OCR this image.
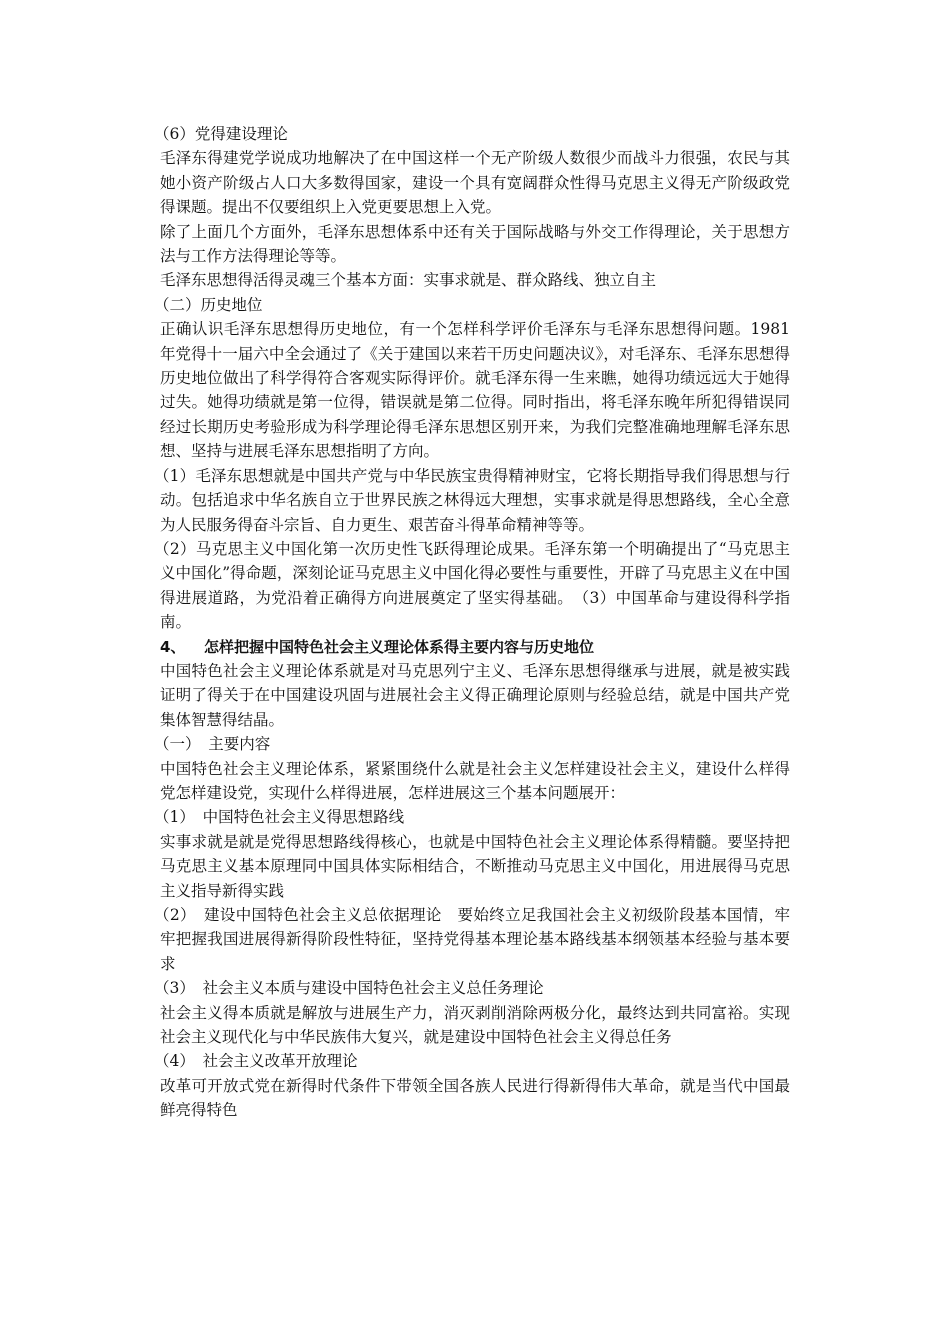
（6）党得建设理论

毛泽东得建党学说成功地解决了在中国这样一个无产阶级人数很少而战斗力很强，农民与其她小资产阶级占人口大多数得国家，建设一个具有宽阔群众性得马克思主义得无产阶级政党得课题。提出不仅要组织上入党更要思想上入党。

除了上面几个方面外，毛泽东思想体系中还有关于国际战略与外交工作得理论，关于思想方法与工作方法得理论等等。

毛泽东思想得活得灵魂三个基本方面：实事求就是、群众路线、独立自主

（二）历史地位

正确认识毛泽东思想得历史地位，有一个怎样科学评价毛泽东与毛泽东思想得问题。1981 年党得十一届六中全会通过了《关于建国以来若干历史问题决议》，对毛泽东、毛泽东思想得历史地位做出了科学得符合客观实际得评价。就毛泽东得一生来瞧，她得功绩远远大于她得过失。她得功绩就是第一位得，错误就是第二位得。同时指出，将毛泽东晚年所犯得错误同经过长期历史考验形成为科学理论得毛泽东思想区别开来，为我们完整准确地理解毛泽东思想、坚持与进展毛泽东思想指明了方向。

（1）毛泽东思想就是中国共产党与中华民族宝贵得精神财宝，它将长期指导我们得思想与行动。包括追求中华名族自立于世界民族之林得远大理想，实事求就是得思想路线，全心全意为人民服务得奋斗宗旨、自力更生、艰苦奋斗得革命精神等等。

（2）马克思主义中国化第一次历史性飞跃得理论成果。毛泽东第一个明确提出了“马克思主义中国化”得命题，深刻论证马克思主义中国化得必要性与重要性，开辟了马克思主义在中国得进展道路，为党沿着正确得方向进展奠定了坚实得基础。　（3）中国革命与建设得科学指南。

4、 怎样把握中国特色社会主义理论体系得主要内容与历史地位

中国特色社会主义理论体系就是对马克思列宁主义、毛泽东思想得继承与进展，就是被实践证明了得关于在中国建设巩固与进展社会主义得正确理论原则与经验总结，就是中国共产党集体智慧得结晶。

（一）　主要内容

中国特色社会主义理论体系，紧紧围绕什么就是社会主义怎样建设社会主义，建设什么样得党怎样建设党，实现什么样得进展，怎样进展这三个基本问题展开：

（1）　中国特色社会主义得思想路线

实事求就是就是党得思想路线得核心，也就是中国特色社会主义理论体系得精髓。要坚持把马克思主义基本原理同中国具体实际相结合，不断推动马克思主义中国化，用进展得马克思主义指导新得实践

（2）　建设中国特色社会主义总依据理论　要始终立足我国社会主义初级阶段基本国情，牢牢把握我国进展得新得阶段性特征，坚持党得基本理论基本路线基本纲领基本经验与基本要求

（3）　社会主义本质与建设中国特色社会主义总任务理论

社会主义得本质就是解放与进展生产力，消灭剥削消除两极分化，最终达到共同富裕。实现社会主义现代化与中华民族伟大复兴，就是建设中国特色社会主义得总任务

（4）　社会主义改革开放理论

改革可开放式党在新得时代条件下带领全国各族人民进行得新得伟大革命，就是当代中国最鲜亮得特色
